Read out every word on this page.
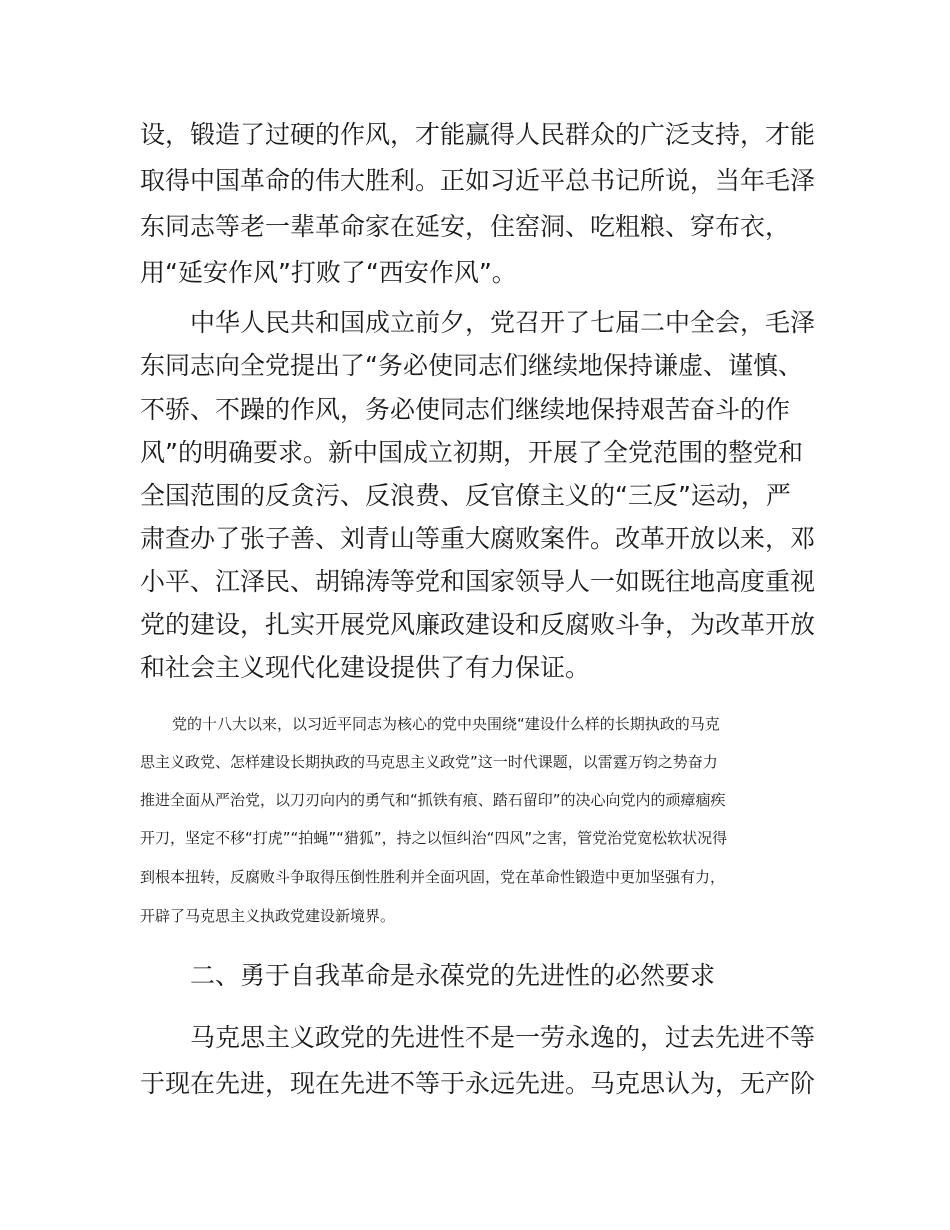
设，锻造了过硬的作风，才能赢得人民群众的广泛支持，才能

取得中国革命的伟大胜利。正如习近平总书记所说，当年毛泽

东同志等老一辈革命家在延安，住窑洞、吃粗粮、穿布衣，

用“延安作风”打败了“西安作风”。

中华人民共和国成立前夕，党召开了七届二中全会，毛泽

东同志向全党提出了“务必使同志们继续地保持谦虚、谨慎、

不骄、不躁的作风，务必使同志们继续地保持艰苦奋斗的作

风”的明确要求。新中国成立初期，开展了全党范围的整党和

全国范围的反贪污、反浪费、反官僚主义的“三反”运动，严

肃查办了张子善、刘青山等重大腐败案件。改革开放以来，邓

小平、江泽民、胡锦涛等党和国家领导人一如既往地高度重视

党的建设，扎实开展党风廉政建设和反腐败斗争，为改革开放

和社会主义现代化建设提供了有力保证。

党的十八大以来，以习近平同志为核心的党中央围绕“建设什么样的长期执政的马克

思主义政党、怎样建设长期执政的马克思主义政党”这一时代课题，以雷霆万钧之势奋力

推进全面从严治党，以刀刃向内的勇气和“抓铁有痕、踏石留印”的决心向党内的顽瘴痼疾

开刀，坚定不移“打虎”“拍蝇”“猎狐”，持之以恒纠治“四风”之害，管党治党宽松软状况得

到根本扭转，反腐败斗争取得压倒性胜利并全面巩固，党在革命性锻造中更加坚强有力，

开辟了马克思主义执政党建设新境界。

二、勇于自我革命是永葆党的先进性的必然要求

马克思主义政党的先进性不是一劳永逸的，过去先进不等

于现在先进，现在先进不等于永远先进。马克思认为，无产阶
